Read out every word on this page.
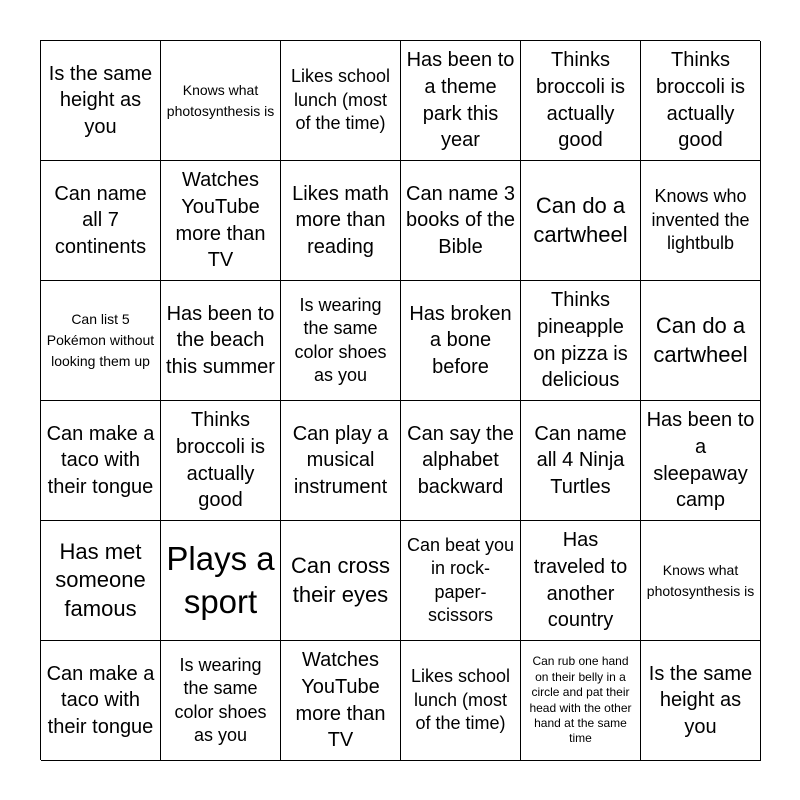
Is the same height as you
Knows what photosynthesis is
Likes school lunch (most of the time)
Has been to a theme park this year
Thinks broccoli is actually good
Thinks broccoli is actually good
Can name all 7 continents
Watches YouTube more than TV
Likes math more than reading
Can name 3 books of the Bible
Can do a cartwheel
Knows who invented the lightbulb
Can list 5 Pokémon without looking them up
Has been to the beach this summer
Is wearing the same color shoes as you
Has broken a bone before
Thinks pineapple on pizza is delicious
Can do a cartwheel
Can make a taco with their tongue
Thinks broccoli is actually good
Can play a musical instrument
Can say the alphabet backward
Can name all 4 Ninja Turtles
Has been to a sleepaway camp
Has met someone famous
Plays a sport
Can cross their eyes
Can beat you in rock-paper-scissors
Has traveled to another country
Knows what photosynthesis is
Can make a taco with their tongue
Is wearing the same color shoes as you
Watches YouTube more than TV
Likes school lunch (most of the time)
Can rub one hand on their belly in a circle and pat their head with the other hand at the same time
Is the same height as you
